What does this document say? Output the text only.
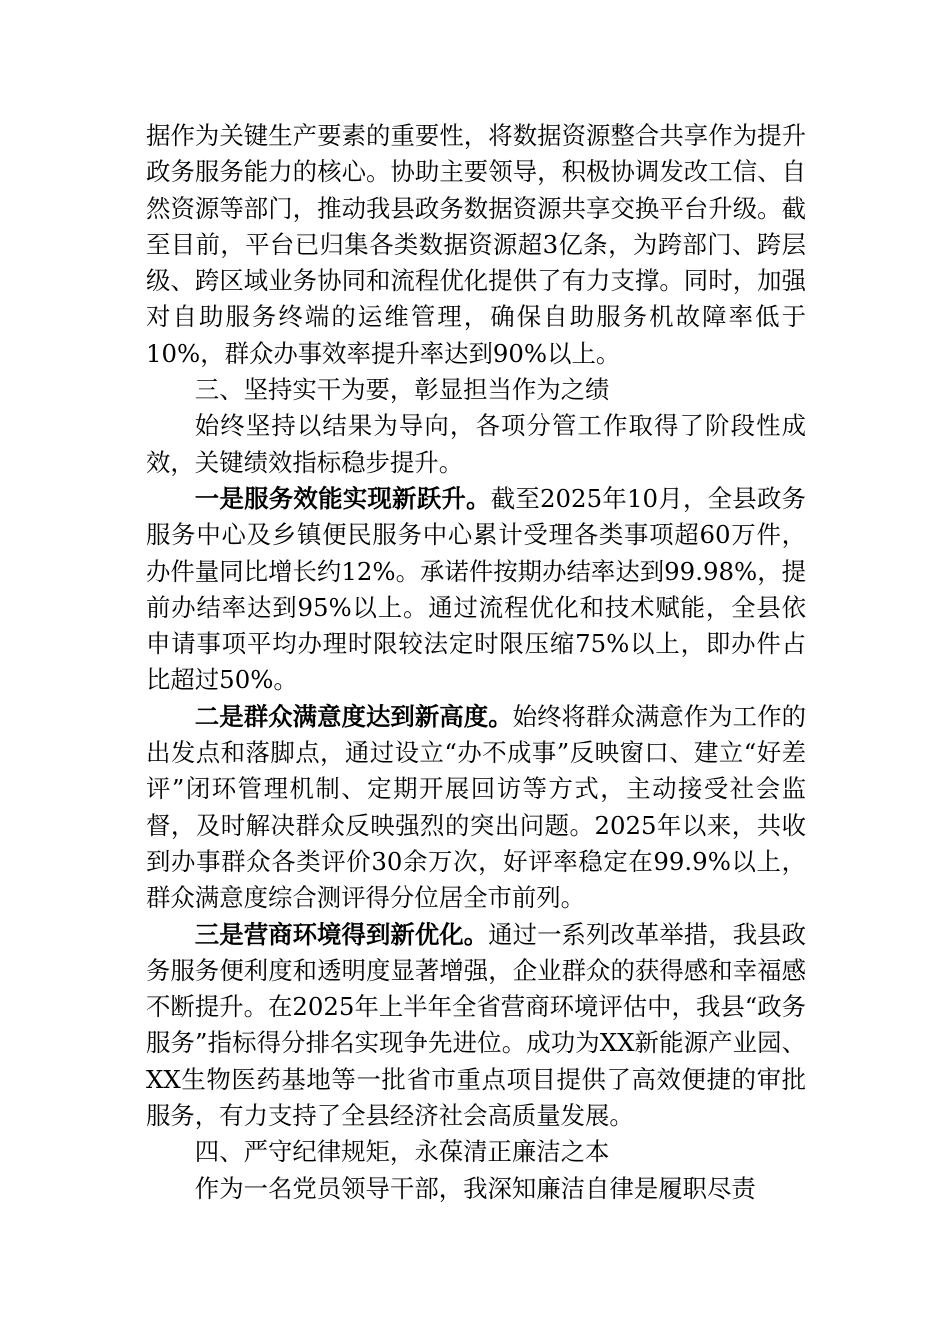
据作为关键生产要素的重要性，将数据资源整合共享作为提升政务服务能力的核心。协助主要领导，积极协调发改工信、自然资源等部门，推动我县政务数据资源共享交换平台升级。截至目前，平台已归集各类数据资源超3亿条，为跨部门、跨层级、跨区域业务协同和流程优化提供了有力支撑。同时，加强对自助服务终端的运维管理，确保自助服务机故障率低于10%，群众办事效率提升率达到90%以上。

三、坚持实干为要，彰显担当作为之绩

始终坚持以结果为导向，各项分管工作取得了阶段性成效，关键绩效指标稳步提升。

一是服务效能实现新跃升。截至2025年10月，全县政务服务中心及乡镇便民服务中心累计受理各类事项超60万件，办件量同比增长约12%。承诺件按期办结率达到99.98%，提前办结率达到95%以上。通过流程优化和技术赋能，全县依申请事项平均办理时限较法定时限压缩75%以上，即办件占比超过50%。

二是群众满意度达到新高度。始终将群众满意作为工作的出发点和落脚点，通过设立“办不成事”反映窗口、建立“好差评”闭环管理机制、定期开展回访等方式，主动接受社会监督，及时解决群众反映强烈的突出问题。2025年以来，共收到办事群众各类评价30余万次，好评率稳定在99.9%以上，群众满意度综合测评得分位居全市前列。

三是营商环境得到新优化。通过一系列改革举措，我县政务服务便利度和透明度显著增强，企业群众的获得感和幸福感不断提升。在2025年上半年全省营商环境评估中，我县“政务服务”指标得分排名实现争先进位。成功为XX新能源产业园、XX生物医药基地等一批省市重点项目提供了高效便捷的审批服务，有力支持了全县经济社会高质量发展。

四、严守纪律规矩，永葆清正廉洁之本

作为一名党员领导干部，我深知廉洁自律是履职尽责
